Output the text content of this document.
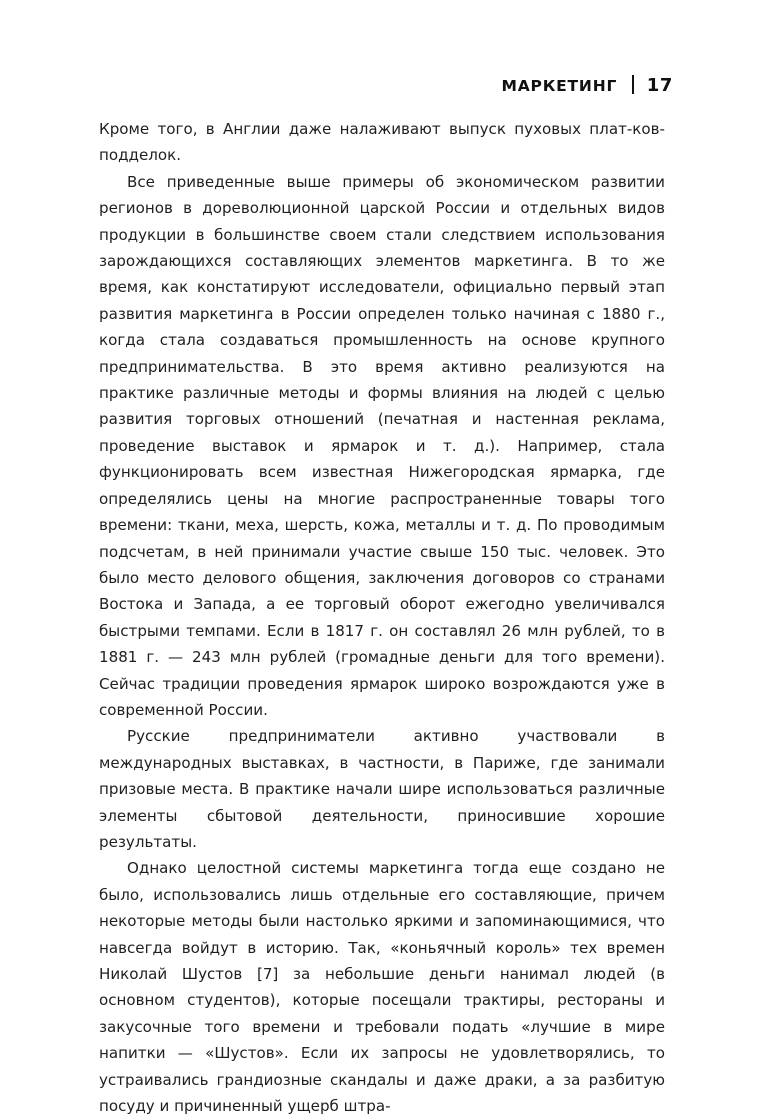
МАРКЕТИНГ 17

Кроме того, в Англии даже налаживают выпуск пуховых плат-ков-подделок.

Все приведенные выше примеры об экономическом развитии регионов в дореволюционной царской России и отдельных видов продукции в большинстве своем стали следствием использования зарождающихся составляющих элементов маркетинга. В то же время, как констатируют исследователи, официально первый этап развития маркетинга в России определен только начиная с 1880 г., когда стала создаваться промышленность на основе крупного предпринимательства. В это время активно реализуются на практике различные методы и формы влияния на людей с целью развития торговых отношений (печатная и настенная реклама, проведение выставок и ярмарок и т. д.). Например, стала функционировать всем известная Нижегородская ярмарка, где определялись цены на многие распространенные товары того времени: ткани, меха, шерсть, кожа, металлы и т. д. По проводимым подсчетам, в ней принимали участие свыше 150 тыс. человек. Это было место делового общения, заключения договоров со странами Востока и Запада, а ее торговый оборот ежегодно увеличивался быстрыми темпами. Если в 1817 г. он составлял 26 млн рублей, то в 1881 г. — 243 млн рублей (громадные деньги для того времени). Сейчас традиции проведения ярмарок широко возрождаются уже в современной России.

Русские предприниматели активно участвовали в международных выставках, в частности, в Париже, где занимали призовые места. В практике начали шире использоваться различные элементы сбытовой деятельности, приносившие хорошие результаты.

Однако целостной системы маркетинга тогда еще создано не было, использовались лишь отдельные его составляющие, причем некоторые методы были настолько яркими и запоминающимися, что навсегда войдут в историю. Так, «коньячный король» тех времен Николай Шустов [7] за небольшие деньги нанимал людей (в основном студентов), которые посещали трактиры, рестораны и закусочные того времени и требовали подать «лучшие в мире напитки — «Шустов». Если их запросы не удовлетворялись, то устраивались грандиозные скандалы и даже драки, а за разбитую посуду и причиненный ущерб штра-
